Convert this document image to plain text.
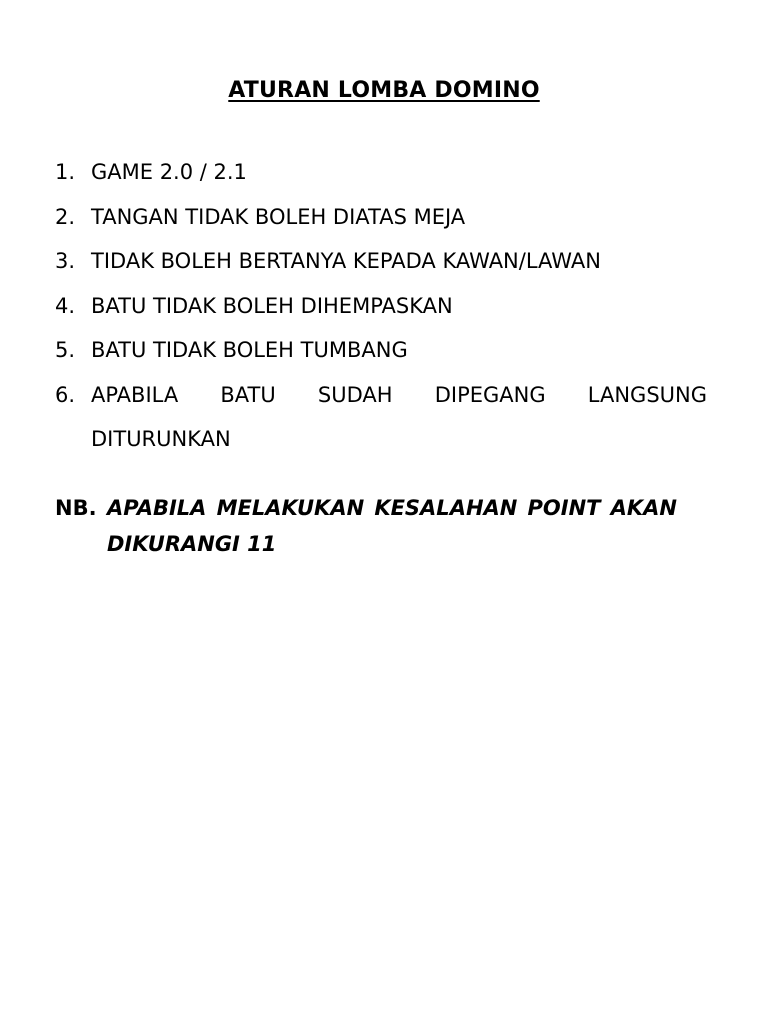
ATURAN LOMBA DOMINO
1. GAME 2.0 / 2.1
2. TANGAN TIDAK BOLEH DIATAS MEJA
3. TIDAK BOLEH BERTANYA KEPADA KAWAN/LAWAN
4. BATU TIDAK BOLEH DIHEMPASKAN
5. BATU TIDAK BOLEH TUMBANG
6. APABILA BATU SUDAH DIPEGANG LANGSUNG DITURUNKAN
NB. APABILA MELAKUKAN KESALAHAN POINT AKAN DIKURANGI 11
